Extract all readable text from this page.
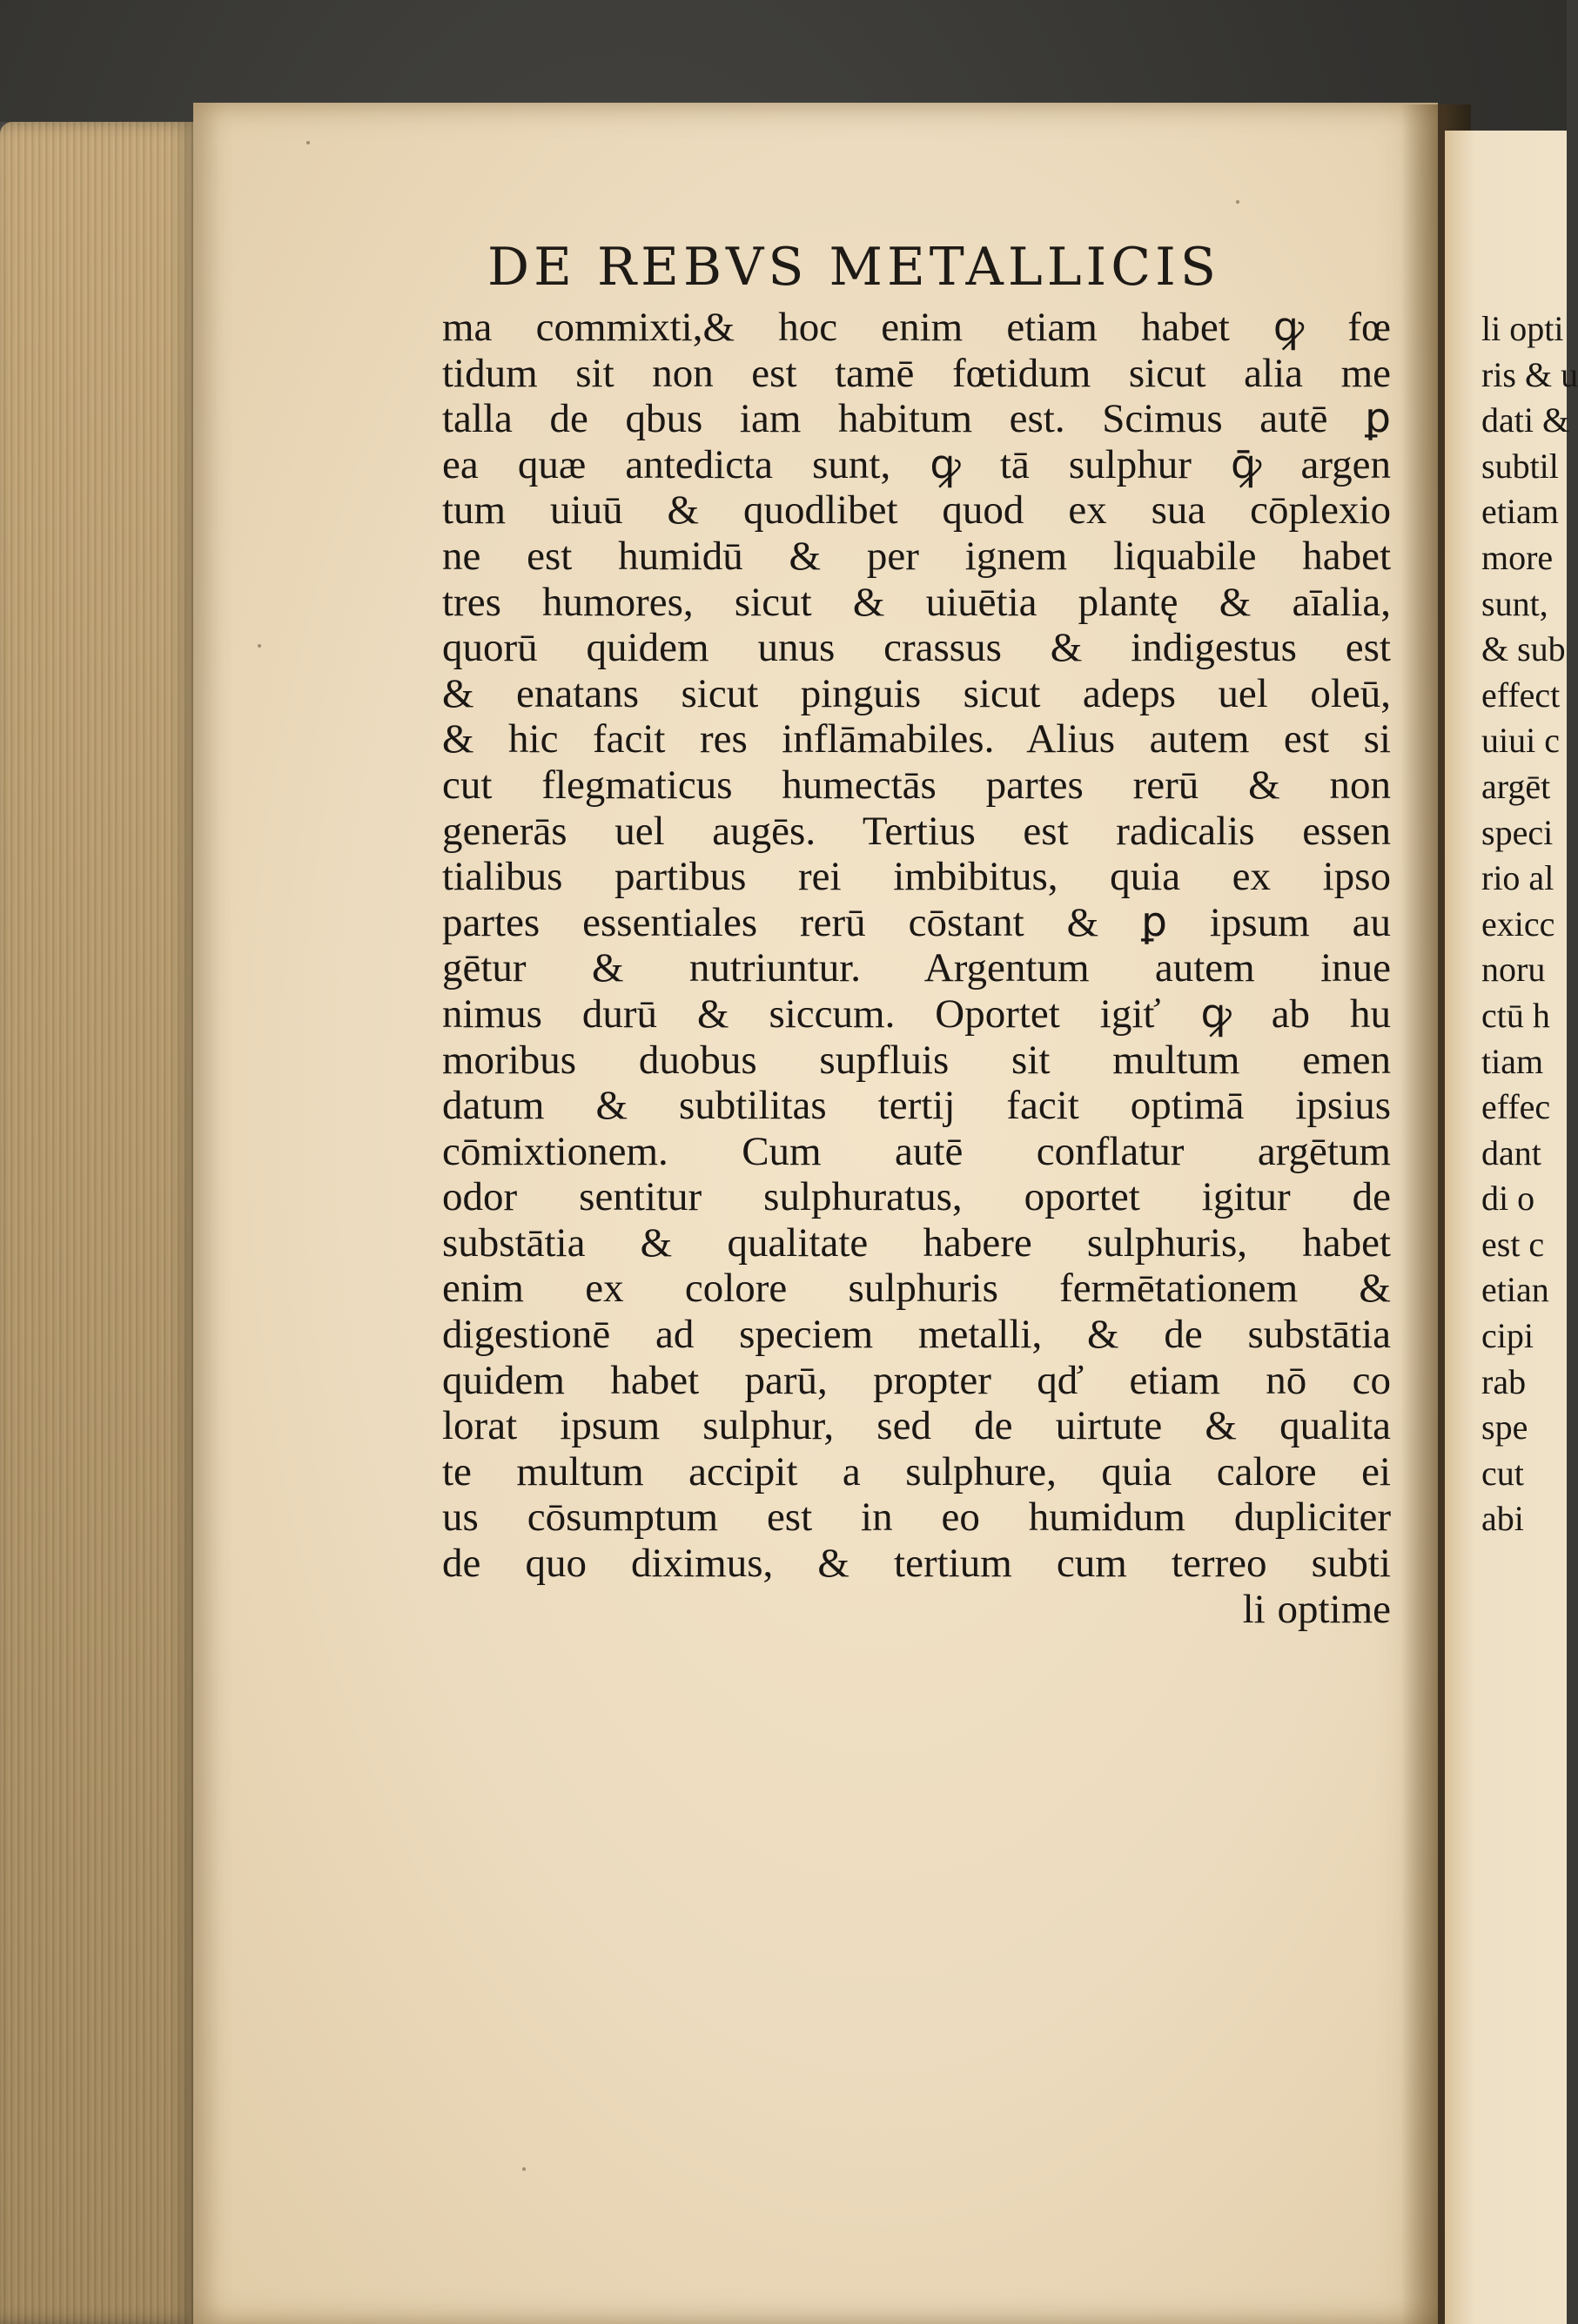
DE REBVS METALLICIS
ma commixti,& hoc enim etiam habet ꝙ fœ
tidum sit non est tamē fœtidum sicut alia me
talla de qbus iam habitum est. Scimus autē ꝑ
ea quæ antedicta sunt, ꝙ tā sulphur ꝙ̄ argen
tum uiuū & quodlibet quod ex sua cōplexio
ne est humidū & per ignem liquabile habet
tres humores, sicut & uiuētia plantę & aīalia,
quorū quidem unus crassus & indigestus est
& enatans sicut pinguis sicut adeps uel oleū,
& hic facit res inflāmabiles. Alius autem est si
cut flegmaticus humectās partes rerū & non
generās uel augēs. Tertius est radicalis essen
tialibus partibus rei imbibitus, quia ex ipso
partes essentiales rerū cōstant & ꝑ ipsum au
gētur & nutriuntur. Argentum autem inue
nimus durū & siccum. Oportet igiť ꝙ ab hu
moribus duobus supfluis sit multum emen
datum & subtilitas tertij facit optimā ipsius
cōmixtionem. Cum autē conflatur argētum
odor sentitur sulphuratus, oportet igitur de
substātia & qualitate habere sulphuris, habet
enim ex colore sulphuris fermētationem &
digestionē ad speciem metalli, & de substātia
quidem habet parū, propter qď etiam nō co
lorat ipsum sulphur, sed de uirtute & qualita
te multum accipit a sulphure, quia calore ei
us cōsumptum est in eo humidum dupliciter
de quo diximus, & tertium cum terreo subti
li optime
li opti
ris & u
dati &
subtil
etiam
more
sunt,
& sub
effect
uiui c
argēt
speci
rio al
exicc
noru
ctū h
tiam
effec
dant
di o
est c
etian
cipi
rab
spe
cut
abi
